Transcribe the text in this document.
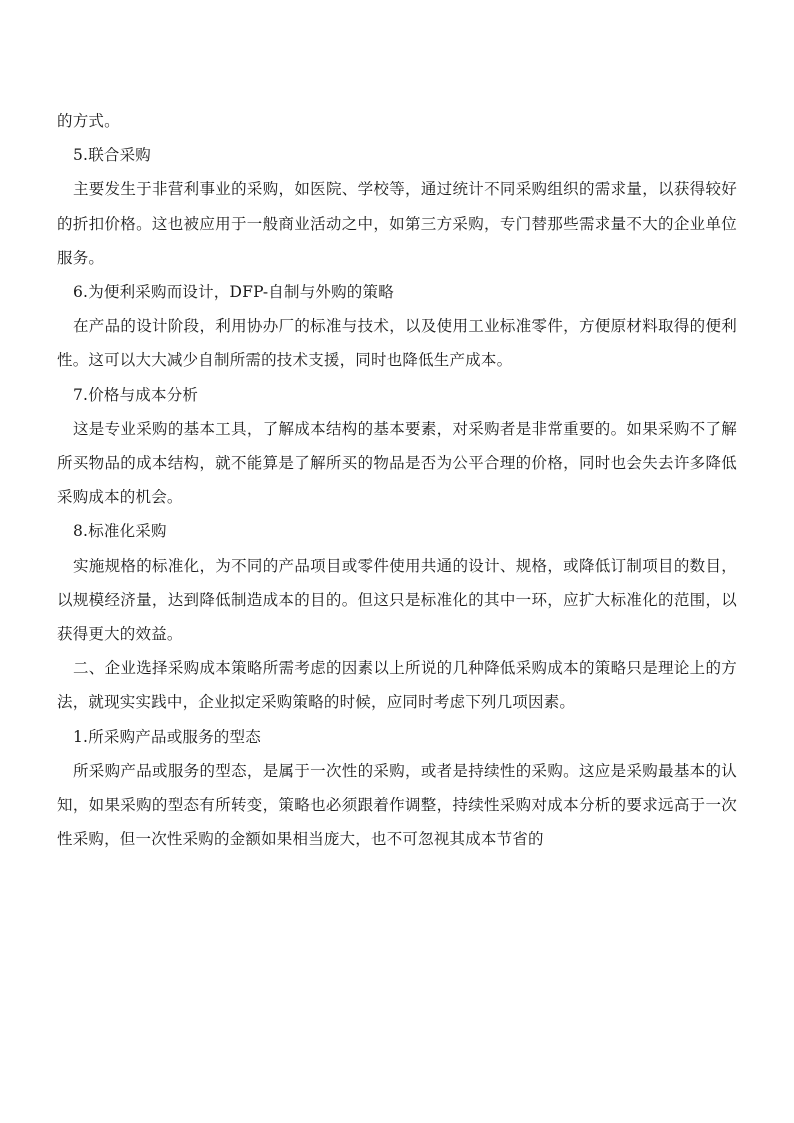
的方式。

5.联合采购

主要发生于非营利事业的采购，如医院、学校等，通过统计不同采购组织的需求量，以获得较好的折扣价格。这也被应用于一般商业活动之中，如第三方采购，专门替那些需求量不大的企业单位服务。

6.为便利采购而设计，DFP-自制与外购的策略

在产品的设计阶段，利用协办厂的标准与技术，以及使用工业标准零件，方便原材料取得的便利性。这可以大大减少自制所需的技术支援，同时也降低生产成本。

7.价格与成本分析

这是专业采购的基本工具，了解成本结构的基本要素，对采购者是非常重要的。如果采购不了解所买物品的成本结构，就不能算是了解所买的物品是否为公平合理的价格，同时也会失去许多降低采购成本的机会。

8.标准化采购

实施规格的标准化，为不同的产品项目或零件使用共通的设计、规格，或降低订制项目的数目，以规模经济量，达到降低制造成本的目的。但这只是标准化的其中一环，应扩大标准化的范围，以获得更大的效益。

二、企业选择采购成本策略所需考虑的因素以上所说的几种降低采购成本的策略只是理论上的方法，就现实实践中，企业拟定采购策略的时候，应同时考虑下列几项因素。

1.所采购产品或服务的型态

所采购产品或服务的型态，是属于一次性的采购，或者是持续性的采购。这应是采购最基本的认知，如果采购的型态有所转变，策略也必须跟着作调整，持续性采购对成本分析的要求远高于一次性采购，但一次性采购的金额如果相当庞大，也不可忽视其成本节省的
